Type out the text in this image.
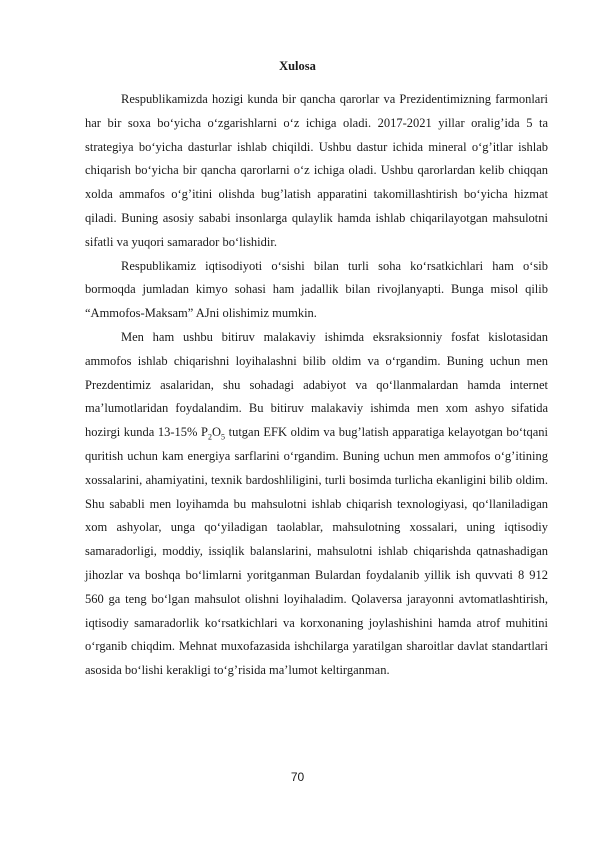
Xulosa

Respublikamizda hozigi kunda bir qancha qarorlar va Prezidentimizning farmonlari har bir soxa bo‘yicha o‘zgarishlarni o‘z ichiga oladi. 2017-2021 yillar oralig’ida 5 ta strategiya bo‘yicha dasturlar ishlab chiqildi. Ushbu dastur ichida mineral o‘g’itlar ishlab chiqarish bo‘yicha bir qancha qarorlarni o‘z ichiga oladi. Ushbu qarorlardan kelib chiqqan xolda ammafos o‘g’itini olishda bug’latish apparatini takomillashtirish bo‘yicha hizmat qiladi. Buning asosiy sababi insonlarga qulaylik hamda ishlab chiqarilayotgan mahsulotni sifatli va yuqori samarador bo‘lishidir.

Respublikamiz iqtisodiyoti o‘sishi bilan turli soha ko‘rsatkichlari ham o‘sib bormoqda jumladan kimyo sohasi ham jadallik bilan rivojlanyapti. Bunga misol qilib “Ammofos-Maksam” AJni olishimiz mumkin.

Men ham ushbu bitiruv malakaviy ishimda eksraksionniy fosfat kislotasidan ammofos ishlab chiqarishni loyihalashni bilib oldim va o‘rgandim. Buning uchun men Prezdentimiz asalaridan, shu sohadagi adabiyot va qo‘llanmalardan hamda internet ma’lumotlaridan foydalandim. Bu bitiruv malakaviy ishimda men xom ashyo sifatida hozirgi kunda 13-15% $P_2O_5$ tutgan EFK oldim va bug’latish apparatiga kelayotgan bo‘tqani quritish uchun kam energiya sarflarini o‘rgandim. Buning uchun men ammofos o‘g’itining xossalarini, ahamiyatini, texnik bardoshliligini, turli bosimda turlicha ekanligini bilib oldim. Shu sababli men loyihamda bu mahsulotni ishlab chiqarish texnologiyasi, qo‘llaniladigan xom ashyolar, unga qo‘yiladigan taolablar, mahsulotning xossalari, uning iqtisodiy samaradorligi, moddiy, issiqlik balanslarini, mahsulotni ishlab chiqarishda qatnashadigan jihozlar va boshqa bo‘limlarni yoritganman Bulardan foydalanib yillik ish quvvati 8 912 560 ga teng bo‘lgan mahsulot olishni loyihaladim. Qolaversa jarayonni avtomatlashtirish, iqtisodiy samaradorlik ko‘rsatkichlari va korxonaning joylashishini hamda atrof muhitini o‘rganib chiqdim. Mehnat muxofazasida ishchilarga yaratilgan sharoitlar davlat standartlari asosida bo‘lishi kerakligi to‘g’risida ma’lumot keltirganman.

70
